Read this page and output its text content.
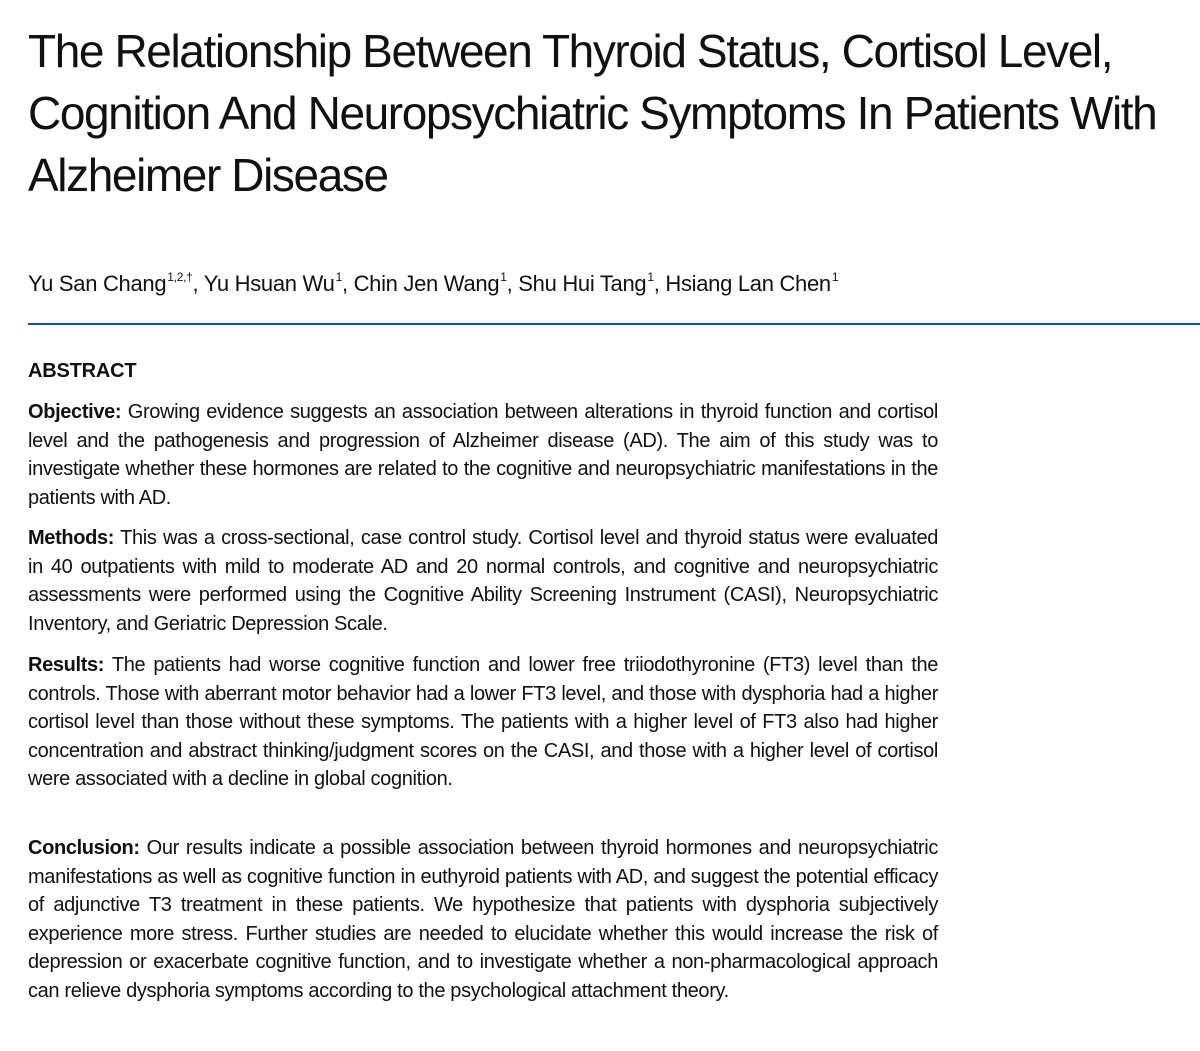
The Relationship Between Thyroid Status, Cortisol Level, Cognition And Neuropsychiatric Symptoms In Patients With Alzheimer Disease

Yu San Chang$^{1,2,\dagger}$, Yu Hsuan Wu$^1$, Chin Jen Wang$^1$, Shu Hui Tang$^1$, Hsiang Lan Chen$^1$

ABSTRACT

Objective: Growing evidence suggests an association between alterations in thyroid function and cortisol level and the pathogenesis and progression of Alzheimer disease (AD). The aim of this study was to investigate whether these hormones are related to the cognitive and neuropsychiatric manifestations in the patients with AD.

Methods: This was a cross-sectional, case control study. Cortisol level and thyroid status were evaluated in 40 outpatients with mild to moderate AD and 20 normal controls, and cognitive and neuropsychiatric assessments were performed using the Cognitive Ability Screening Instrument (CASI), Neuropsychiatric Inventory, and Geriatric Depression Scale.

Results: The patients had worse cognitive function and lower free triiodothyronine (FT3) level than the controls. Those with aberrant motor behavior had a lower FT3 level, and those with dysphoria had a higher cortisol level than those without these symptoms. The patients with a higher level of FT3 also had higher concentration and abstract thinking/judgment scores on the CASI, and those with a higher level of cortisol were associated with a decline in global cognition.

Conclusion: Our results indicate a possible association between thyroid hormones and neuropsychiatric manifestations as well as cognitive function in euthyroid patients with AD, and suggest the potential efficacy of adjunctive T3 treatment in these patients. We hypothesize that patients with dysphoria subjectively experience more stress. Further studies are needed to elucidate whether this would increase the risk of depression or exacerbate cognitive function, and to investigate whether a non-pharmacological approach can relieve dysphoria symptoms according to the psychological attachment theory.
